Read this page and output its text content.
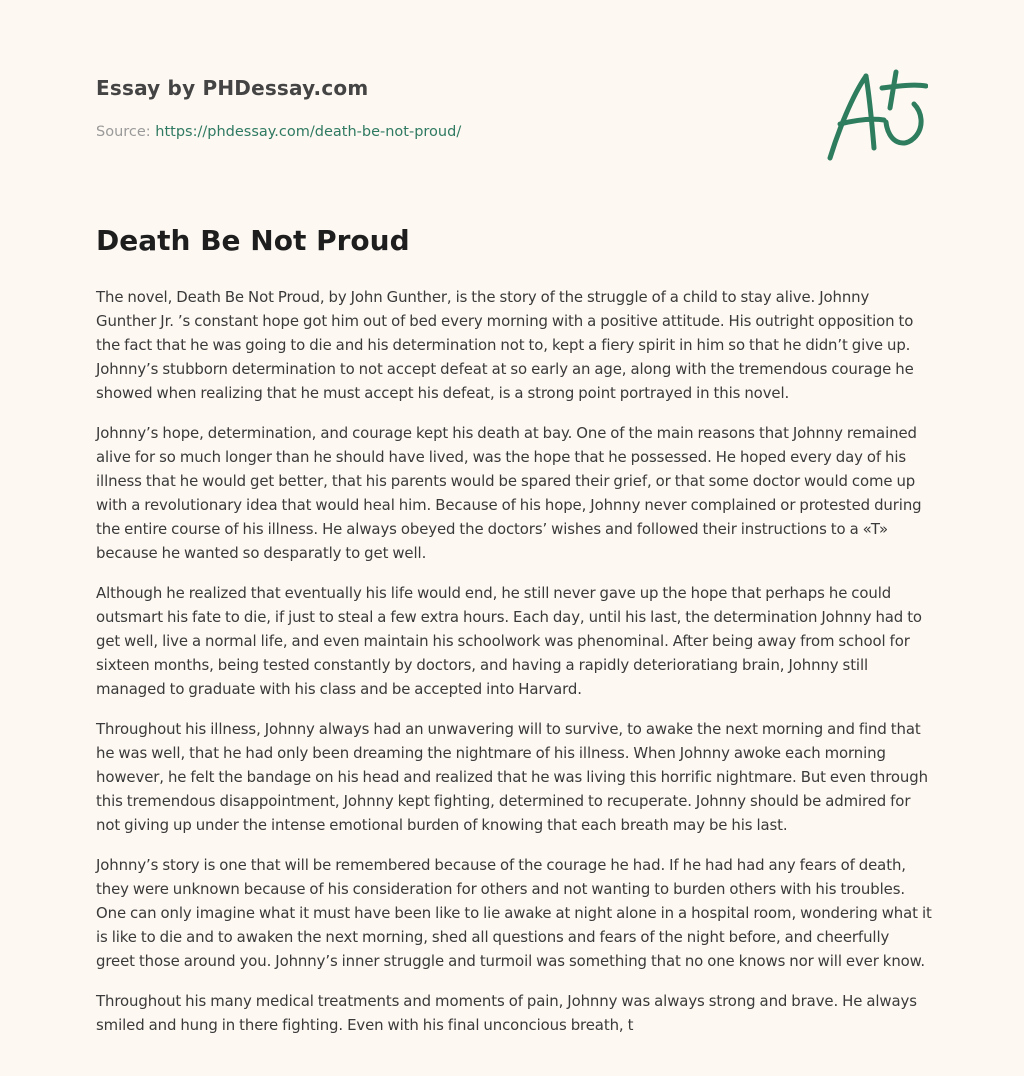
Essay by PHDessay.com
Source: https://phdessay.com/death-be-not-proud/
Death Be Not Proud

The novel, Death Be Not Proud, by John Gunther, is the story of the struggle of a child to stay alive. Johnny Gunther Jr. ’s constant hope got him out of bed every morning with a positive attitude. His outright opposition to the fact that he was going to die and his determination not to, kept a fiery spirit in him so that he didn’t give up. Johnny’s stubborn determination to not accept defeat at so early an age, along with the tremendous courage he showed when realizing that he must accept his defeat, is a strong point portrayed in this novel.

Johnny’s hope, determination, and courage kept his death at bay. One of the main reasons that Johnny remained alive for so much longer than he should have lived, was the hope that he possessed. He hoped every day of his illness that he would get better, that his parents would be spared their grief, or that some doctor would come up with a revolutionary idea that would heal him. Because of his hope, Johnny never complained or protested during the entire course of his illness. He always obeyed the doctors’ wishes and followed their instructions to a «T» because he wanted so desparatly to get well.

Although he realized that eventually his life would end, he still never gave up the hope that perhaps he could outsmart his fate to die, if just to steal a few extra hours. Each day, until his last, the determination Johnny had to get well, live a normal life, and even maintain his schoolwork was phenominal. After being away from school for sixteen months, being tested constantly by doctors, and having a rapidly deterioratiang brain, Johnny still managed to graduate with his class and be accepted into Harvard.

Throughout his illness, Johnny always had an unwavering will to survive, to awake the next morning and find that he was well, that he had only been dreaming the nightmare of his illness. When Johnny awoke each morning however, he felt the bandage on his head and realized that he was living this horrific nightmare. But even through this tremendous disappointment, Johnny kept fighting, determined to recuperate. Johnny should be admired for not giving up under the intense emotional burden of knowing that each breath may be his last.

Johnny’s story is one that will be remembered because of the courage he had. If he had had any fears of death, they were unknown because of his consideration for others and not wanting to burden others with his troubles. One can only imagine what it must have been like to lie awake at night alone in a hospital room, wondering what it is like to die and to awaken the next morning, shed all questions and fears of the night before, and cheerfully greet those around you. Johnny’s inner struggle and turmoil was something that no one knows nor will ever know.

Throughout his many medical treatments and moments of pain, Johnny was always strong and brave. He always smiled and hung in there fighting. Even with his final unconcious breath, t
